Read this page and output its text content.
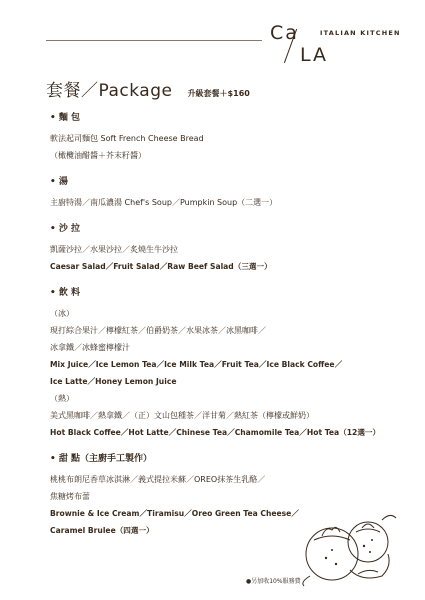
Ca
LA
ITALIAN KITCHEN
套餐／Package 升級套餐＋$160
• 麵 包
軟法起司麵包 Soft French Cheese Bread
（橄欖油醋醬＋芥末籽醬）
• 湯
主廚特湯／南瓜濃湯 Chef's Soup／Pumpkin Soup（二選一）
• 沙 拉
凱薩沙拉／水果沙拉／炙燒生牛沙拉
Caesar Salad／Fruit Salad／Raw Beef Salad（三選一）
• 飲 料
（冰）
現打綜合果汁／檸檬紅茶／伯爵奶茶／水果冰茶／冰黑咖啡／
冰拿鐵／冰蜂蜜檸檬汁
Mix Juice／Ice Lemon Tea／Ice Milk Tea／Fruit Tea／Ice Black Coffee／
Ice Latte／Honey Lemon Juice
（熱）
美式黑咖啡／熱拿鐵／（正）文山包種茶／洋甘菊／熱紅茶（檸檬或鮮奶）
Hot Black Coffee／Hot Latte／Chinese Tea／Chamomile Tea／Hot Tea（12選一）
• 甜 點（主廚手工製作）
桃桃布朗尼香草冰淇淋／義式提拉米蘇／OREO抹茶生乳酪／
焦糖烤布蕾
Brownie & Ice Cream／Tiramisu／Oreo Green Tea Cheese／
Caramel Brulee（四選一）
●另加收10%服務費
